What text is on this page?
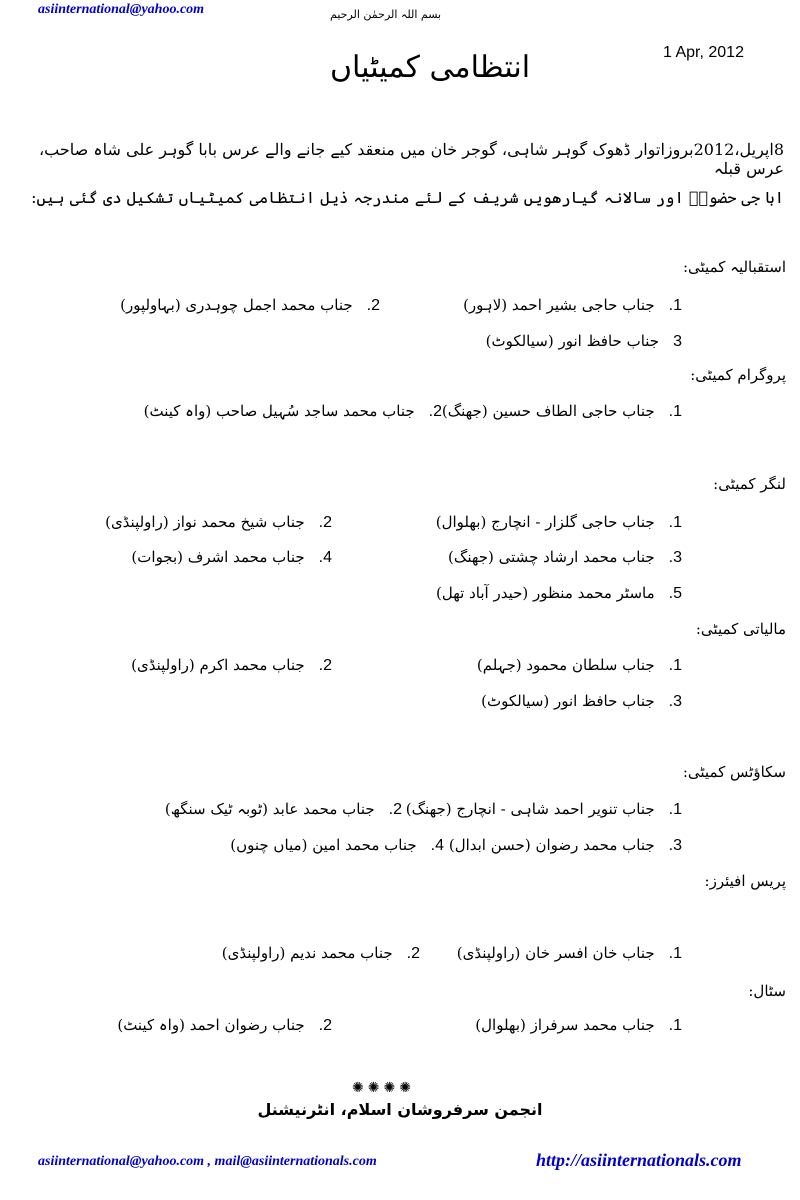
asiinternational@yahoo.com	بسم اللہ الرحمٰن الرحیم
انتظامی کمیٹیاں	1 Apr, 2012
8اپریل،2012بروزاتوار ڈھوک گوہر شاہی، گوجر خان میں منعقد کیے جانے والے عرس بابا گوہر علی شاہ صاحب، عرس قبلہ
ابا جی حضورؒ اور سالانہ گیارھویں شریف کے لئے مندرجہ ذیل انتظامی کمیٹیاں تشکیل دی گئی ہیں:
استقبالیہ کمیٹی:
1.جناب حاجی بشیر احمد (لاہور)
2.جناب محمد اجمل چوہدری (بہاولپور)
3جناب حافظ انور (سیالکوٹ)
پروگرام کمیٹی:
1.جناب حاجی الطاف حسین (جھنگ)
2.جناب محمد ساجد سُہیل صاحب (واہ کینٹ)
لنگر کمیٹی:
1.جناب حاجی گلزار - انچارج (بھلوال)
2.جناب شیخ محمد نواز (راولپنڈی)
3.جناب محمد ارشاد چشتی (جھنگ)
4.جناب محمد اشرف (بجوات)
5.ماسٹر محمد منظور (حیدر آباد تھل)
مالیاتی کمیٹی:
1.جناب سلطان محمود (جہلم)
2.جناب محمد اکرم (راولپنڈی)
3.جناب حافظ انور (سیالکوٹ)
سکاؤٹس کمیٹی:
1.جناب تنویر احمد شاہی - انچارج (جھنگ)
2.جناب محمد عابد (ٹوبہ ٹیک سنگھ)
3.جناب محمد رضوان (حسن ابدال)
4.جناب محمد امین (میاں چنوں)
پریس افیئرز:
1.جناب خان افسر خان (راولپنڈی)
2.جناب محمد ندیم (راولپنڈی)
سٹال:
1.جناب محمد سرفراز (بھلوال)
2.جناب رضوان احمد (واہ کینٹ)
✺✺✺✺
انجمن سرفروشان اسلام، انٹرنیشنل
asiinternational@yahoo.com , mail@asiinternationals.com	http://asiinternationals.com
